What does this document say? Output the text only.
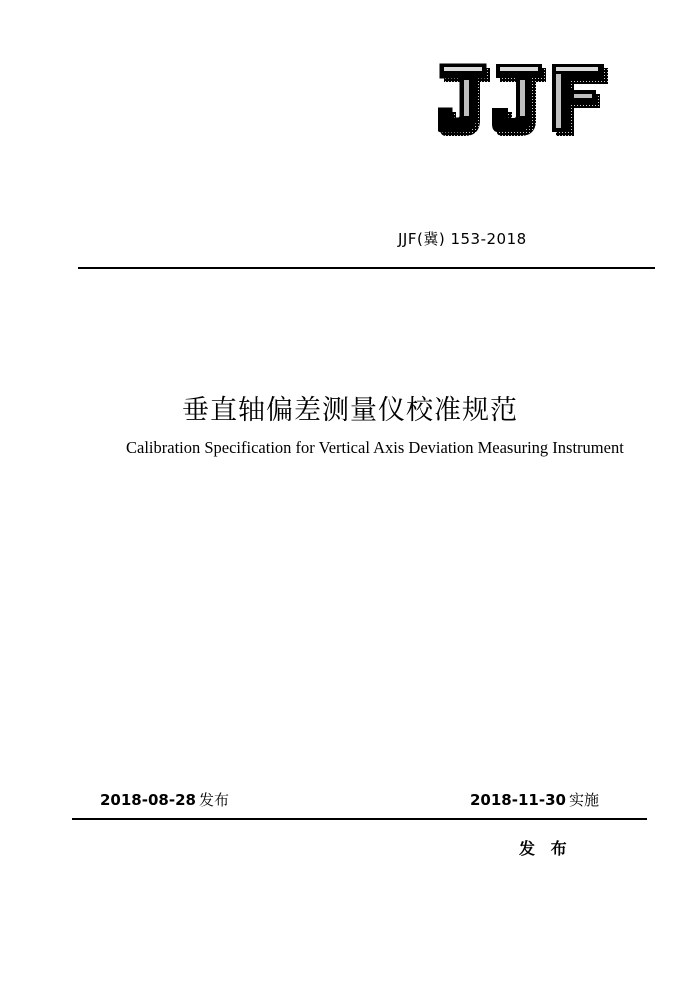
JJF(冀) 153-2018
垂直轴偏差测量仪校准规范
Calibration Specification for Vertical Axis Deviation Measuring Instrument
2018-08-28 发布	2018-11-30 实施
发 布
